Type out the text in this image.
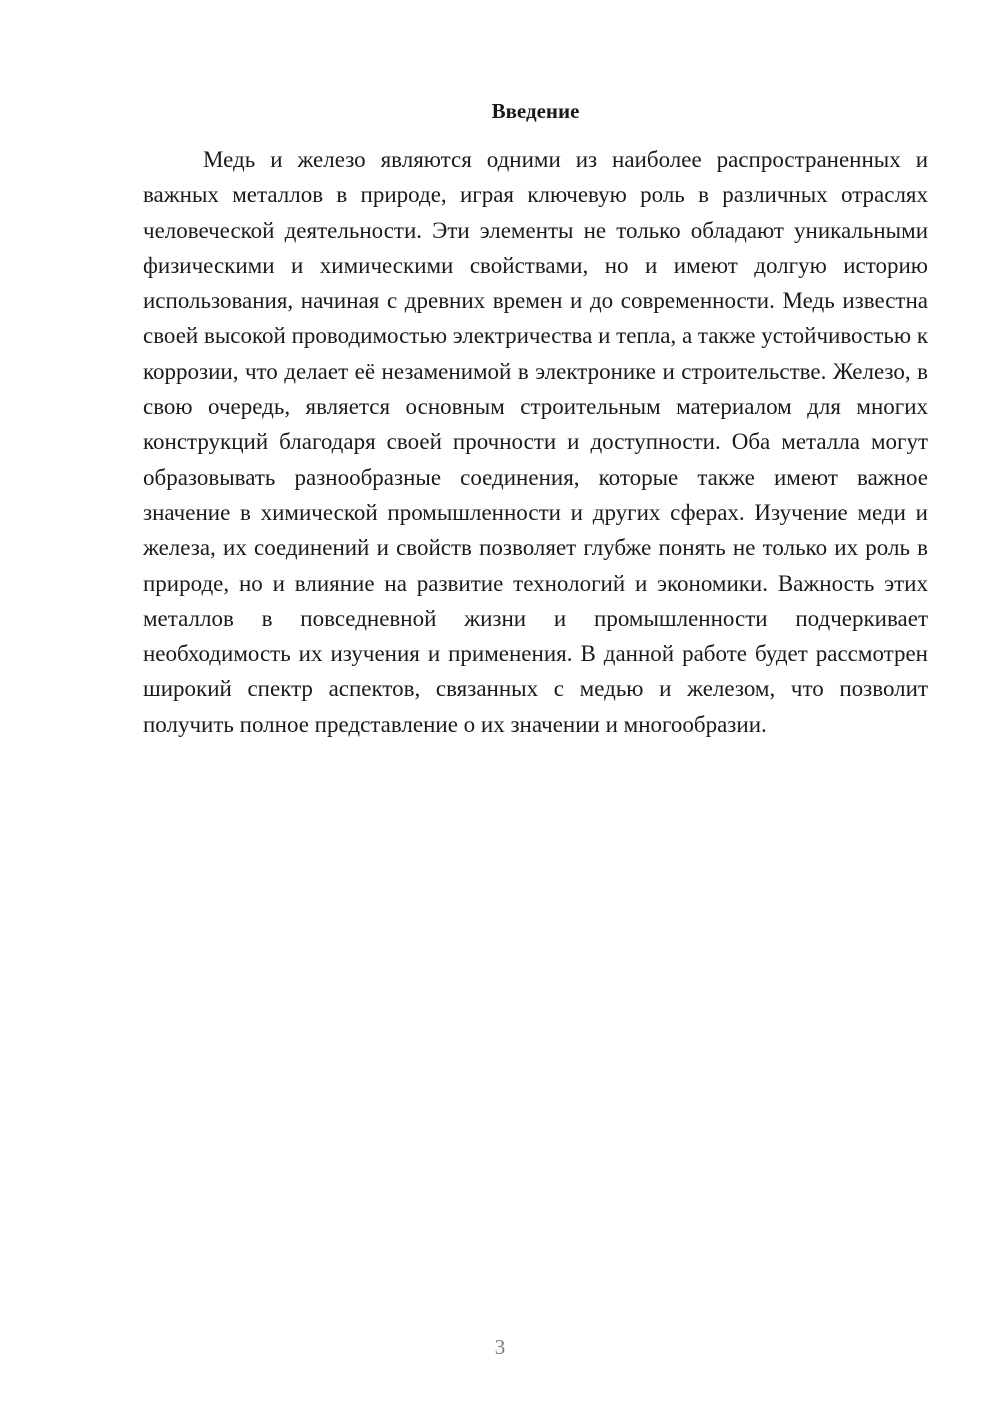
Введение

Медь и железо являются одними из наиболее распространенных и важных металлов в природе, играя ключевую роль в различных отраслях человеческой деятельности. Эти элементы не только обладают уникальными физическими и химическими свойствами, но и имеют долгую историю использования, начиная с древних времен и до современности. Медь известна своей высокой проводимостью электричества и тепла, а также устойчивостью к коррозии, что делает её незаменимой в электронике и строительстве. Железо, в свою очередь, является основным строительным материалом для многих конструкций благодаря своей прочности и доступности. Оба металла могут образовывать разнообразные соединения, которые также имеют важное значение в химической промышленности и других сферах. Изучение меди и железа, их соединений и свойств позволяет глубже понять не только их роль в природе, но и влияние на развитие технологий и экономики. Важность этих металлов в повседневной жизни и промышленности подчеркивает необходимость их изучения и применения. В данной работе будет рассмотрен широкий спектр аспектов, связанных с медью и железом, что позволит получить полное представление о их значении и многообразии.

3
